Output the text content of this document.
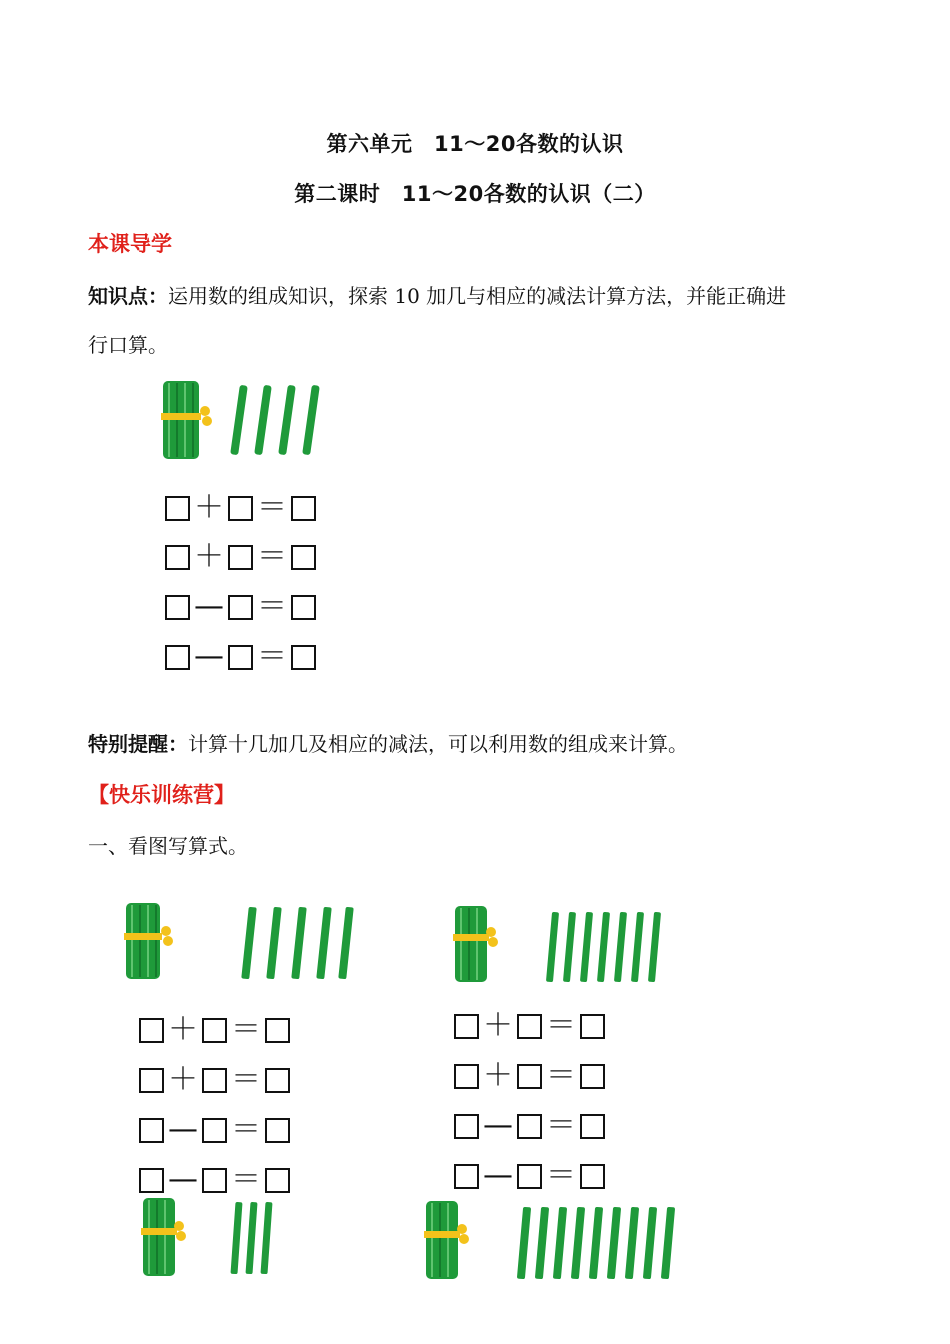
第六单元　11～20各数的认识
第二课时　11～20各数的认识（二）
本课导学
知识点：运用数的组成知识，探索 10 加几与相应的减法计算方法，并能正确进
行口算。
＋ ＝
＋ ＝
— ＝
— ＝
特别提醒：计算十几加几及相应的减法，可以利用数的组成来计算。
【快乐训练营】
一、看图写算式。
＋ ＝
＋ ＝
— ＝
— ＝
＋ ＝
＋ ＝
— ＝
— ＝
